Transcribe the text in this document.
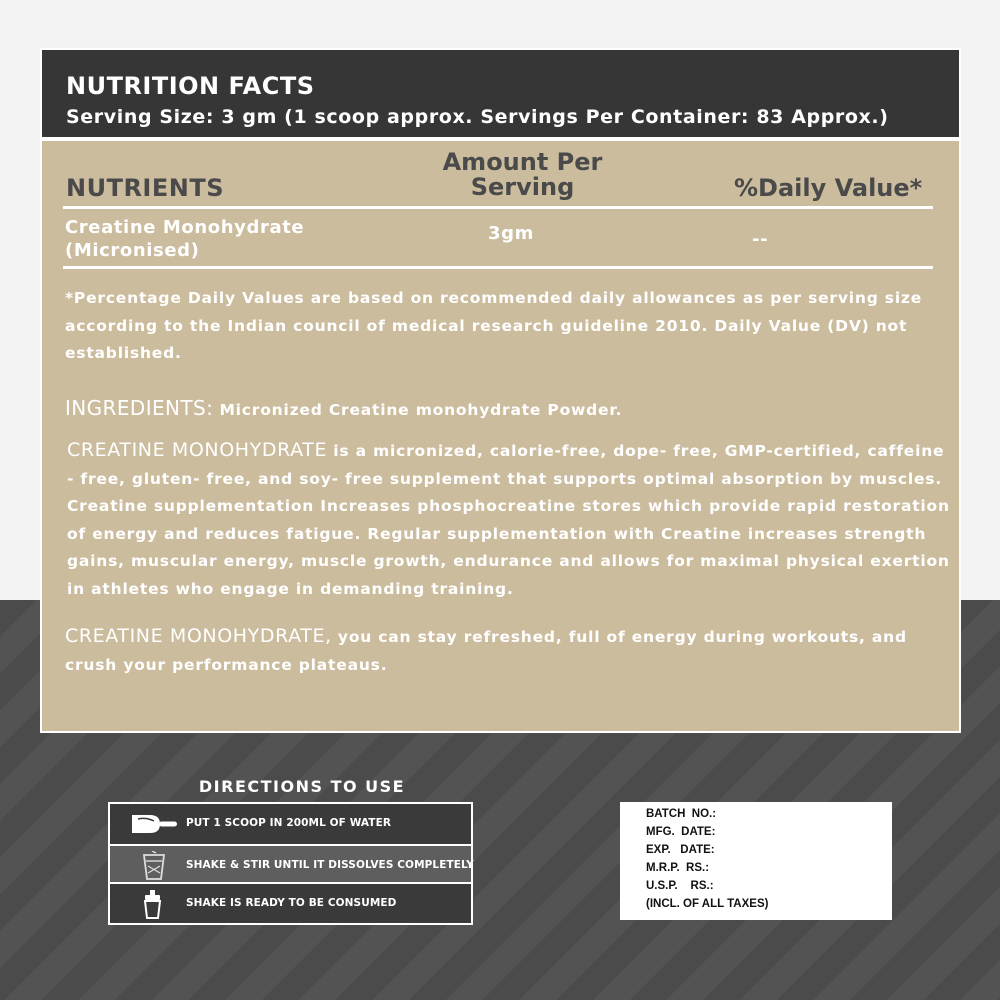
NUTRITION FACTS
Serving Size: 3 gm (1 scoop approx. Servings Per Container: 83 Approx.)
NUTRIENTS
Amount Per Serving	%Daily Value*
Creatine Monohydrate (Micronised)
3gm	--
*Percentage Daily Values are based on recommended daily allowances as per serving size according to the Indian council of medical research guideline 2010. Daily Value (DV) not established.
INGREDIENTS: Micronized Creatine monohydrate Powder.
CREATINE MONOHYDRATE is a micronized, calorie-free, dope- free, GMP-certified, caffeine - free, gluten- free, and soy- free supplement that supports optimal absorption by muscles. Creatine supplementation Increases phosphocreatine stores which provide rapid restoration of energy and reduces fatigue. Regular supplementation with Creatine increases strength gains, muscular energy, muscle growth, endurance and allows for maximal physical exertion in athletes who engage in demanding training.
CREATINE MONOHYDRATE, you can stay refreshed, full of energy during workouts, and crush your performance plateaus.
DIRECTIONS TO USE
PUT 1 SCOOP IN 200ML OF WATER
SHAKE & STIR UNTIL IT DISSOLVES COMPLETELY
SHAKE IS READY TO BE CONSUMED
BATCH  NO.:
MFG.  DATE:
EXP.   DATE:
M.R.P.  RS.:
U.S.P.    RS.:
(INCL. OF ALL TAXES)
